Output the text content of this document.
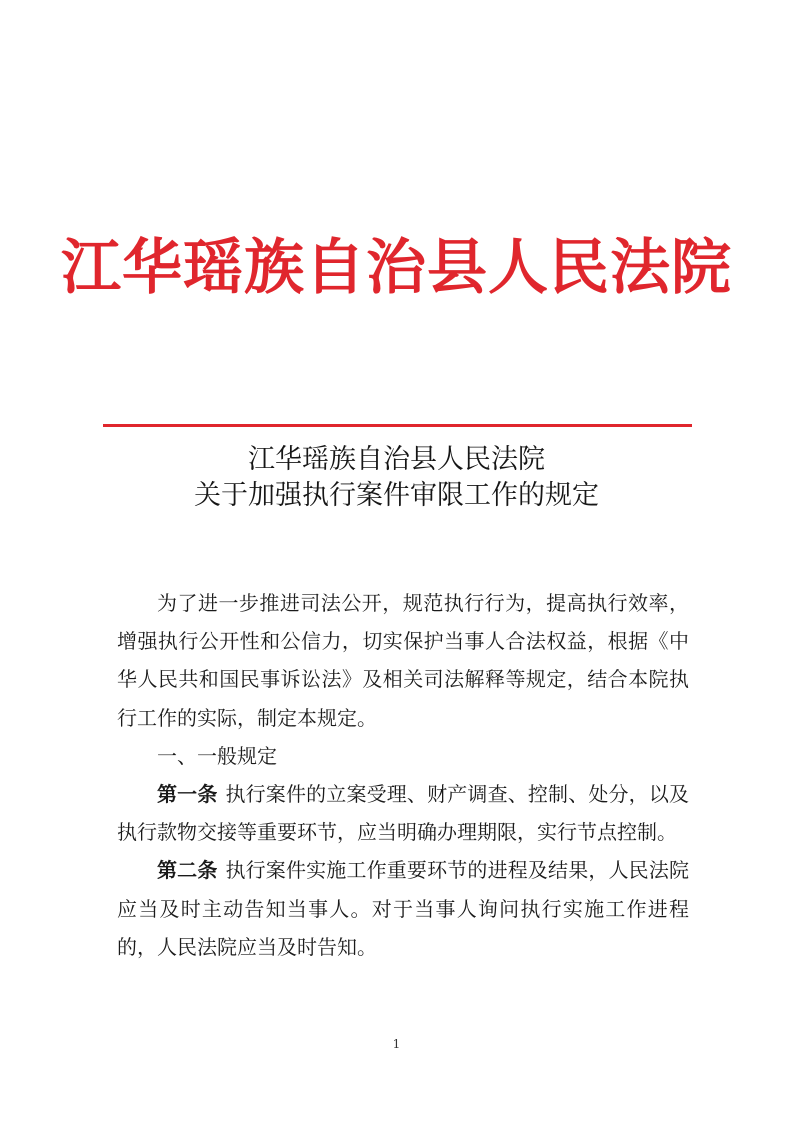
江华瑶族自治县人民法院
江华瑶族自治县人民法院
关于加强执行案件审限工作的规定

为了进一步推进司法公开，规范执行行为，提高执行效率，增强执行公开性和公信力，切实保护当事人合法权益，根据《中华人民共和国民事诉讼法》及相关司法解释等规定，结合本院执行工作的实际，制定本规定。

一、一般规定

第一条 执行案件的立案受理、财产调查、控制、处分，以及执行款物交接等重要环节，应当明确办理期限，实行节点控制。

第二条 执行案件实施工作重要环节的进程及结果，人民法院应当及时主动告知当事人。对于当事人询问执行实施工作进程的，人民法院应当及时告知。

1
